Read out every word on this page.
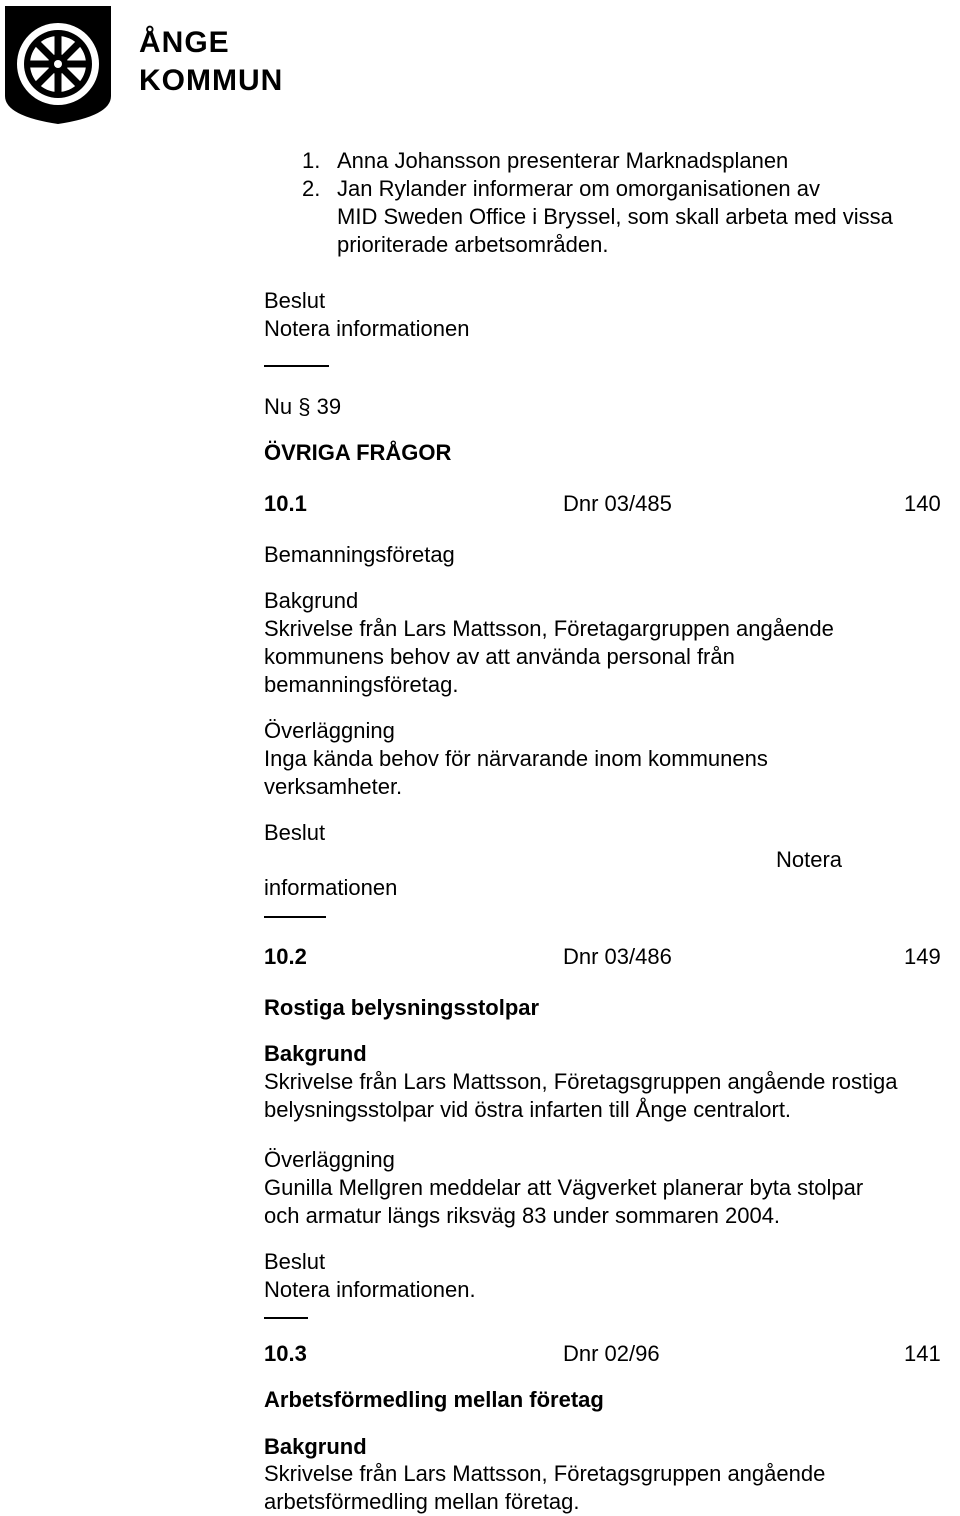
ÅNGE
KOMMUN
1. Anna Johansson presenterar Marknadsplanen
2. Jan Rylander informerar om omorganisationen av
MID Sweden Office i Bryssel, som skall arbeta med vissa
prioriterade arbetsområden.
Beslut
Notera informationen
Nu § 39
ÖVRIGA FRÅGOR
10.1	Dnr 03/485	140
Bemanningsföretag
Bakgrund
Skrivelse från Lars Mattsson, Företagargruppen angående
kommunens behov av att använda personal från
bemanningsföretag.
Överläggning
Inga kända behov för närvarande inom kommunens
verksamheter.
Beslut
Notera
informationen
10.2	Dnr 03/486	149
Rostiga belysningsstolpar
Bakgrund
Skrivelse från Lars Mattsson, Företagsgruppen angående rostiga
belysningsstolpar vid östra infarten till Ånge centralort.
Överläggning
Gunilla Mellgren meddelar att Vägverket planerar byta stolpar
och armatur längs riksväg 83 under sommaren 2004.
Beslut
Notera informationen.
10.3	Dnr 02/96	141
Arbetsförmedling mellan företag
Bakgrund
Skrivelse från Lars Mattsson, Företagsgruppen angående
arbetsförmedling mellan företag.
